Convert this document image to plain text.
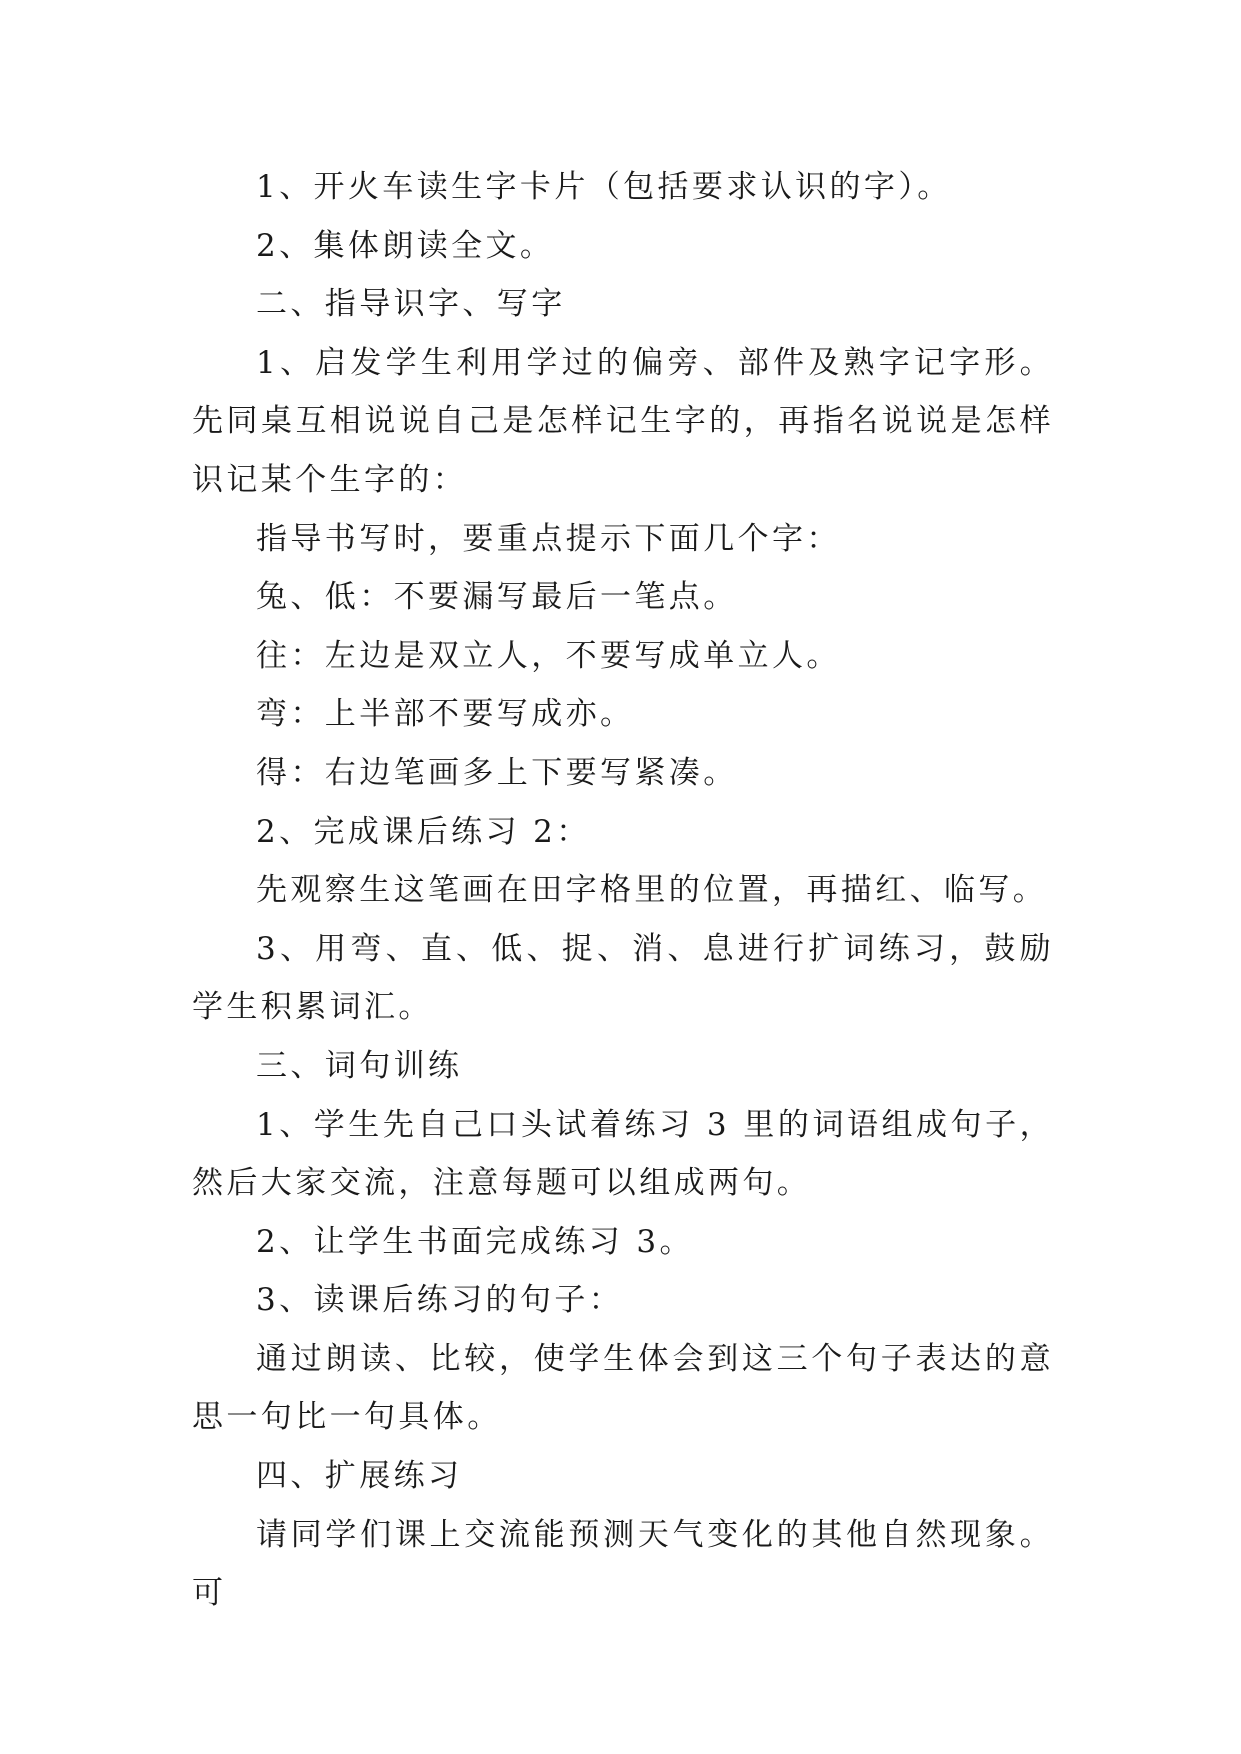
1、开火车读生字卡片（包括要求认识的字）。

2、集体朗读全文。

二、指导识字、写字

1、启发学生利用学过的偏旁、部件及熟字记字形。先同桌互相说说自己是怎样记生字的，再指名说说是怎样识记某个生字的：

指导书写时，要重点提示下面几个字：

兔、低：不要漏写最后一笔点。

往：左边是双立人，不要写成单立人。

弯：上半部不要写成亦。

得：右边笔画多上下要写紧凑。

2、完成课后练习 2：

先观察生这笔画在田字格里的位置，再描红、临写。

3、用弯、直、低、捉、消、息进行扩词练习，鼓励学生积累词汇。

三、词句训练

1、学生先自己口头试着练习 3 里的词语组成句子，然后大家交流，注意每题可以组成两句。

2、让学生书面完成练习 3。

3、读课后练习的句子：

通过朗读、比较，使学生体会到这三个句子表达的意思一句比一句具体。

四、扩展练习

请同学们课上交流能预测天气变化的其他自然现象。可
